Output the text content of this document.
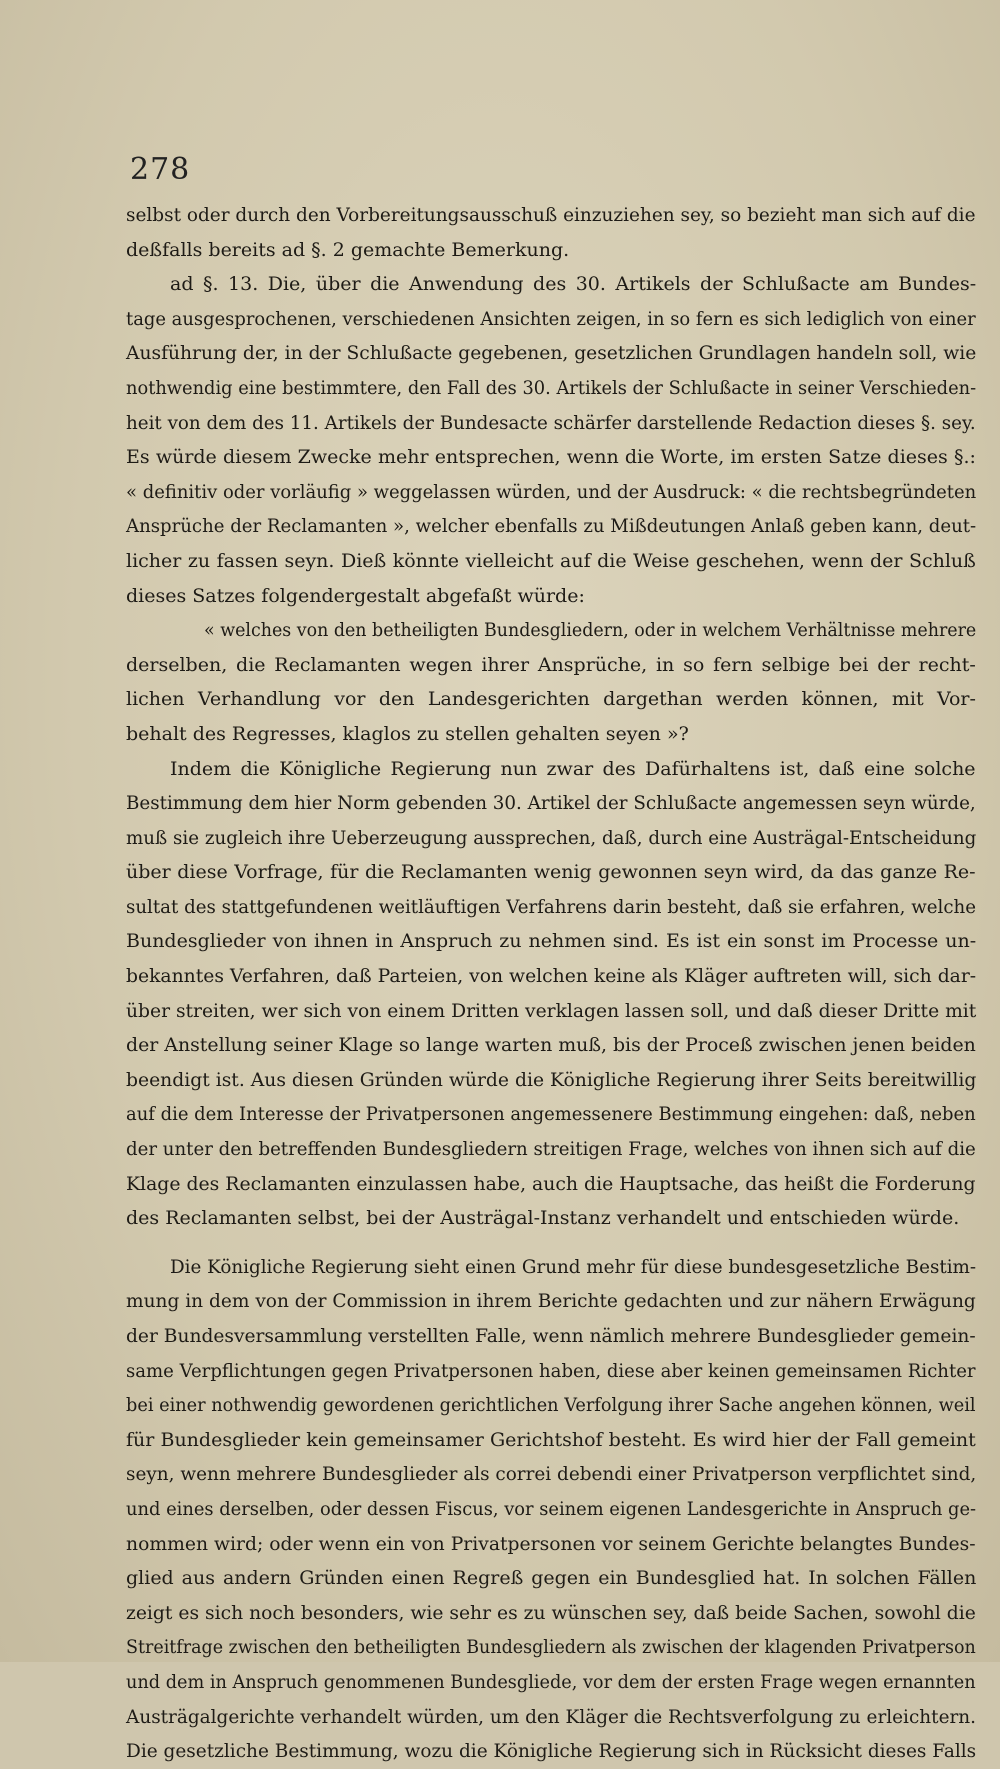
278
selbst oder durch den Vorbereitungsausschuß einzuziehen sey, so bezieht man sich auf die
deßfalls bereits ad §. 2 gemachte Bemerkung.
ad §. 13. Die, über die Anwendung des 30. Artikels der Schlußacte am Bundes-
tage ausgesprochenen, verschiedenen Ansichten zeigen, in so fern es sich lediglich von einer
Ausführung der, in der Schlußacte gegebenen, gesetzlichen Grundlagen handeln soll, wie
nothwendig eine bestimmtere, den Fall des 30. Artikels der Schlußacte in seiner Verschieden-
heit von dem des 11. Artikels der Bundesacte schärfer darstellende Redaction dieses §. sey.
Es würde diesem Zwecke mehr entsprechen, wenn die Worte, im ersten Satze dieses §.:
« definitiv oder vorläufig » weggelassen würden, und der Ausdruck: « die rechtsbegründeten
Ansprüche der Reclamanten », welcher ebenfalls zu Mißdeutungen Anlaß geben kann, deut-
licher zu fassen seyn. Dieß könnte vielleicht auf die Weise geschehen, wenn der Schluß
dieses Satzes folgendergestalt abgefaßt würde:
« welches von den betheiligten Bundesgliedern, oder in welchem Verhältnisse mehrere
derselben, die Reclamanten wegen ihrer Ansprüche, in so fern selbige bei der recht-
lichen Verhandlung vor den Landesgerichten dargethan werden können, mit Vor-
behalt des Regresses, klaglos zu stellen gehalten seyen »?
Indem die Königliche Regierung nun zwar des Dafürhaltens ist, daß eine solche
Bestimmung dem hier Norm gebenden 30. Artikel der Schlußacte angemessen seyn würde,
muß sie zugleich ihre Ueberzeugung aussprechen, daß, durch eine Austrägal-Entscheidung
über diese Vorfrage, für die Reclamanten wenig gewonnen seyn wird, da das ganze Re-
sultat des stattgefundenen weitläuftigen Verfahrens darin besteht, daß sie erfahren, welche
Bundesglieder von ihnen in Anspruch zu nehmen sind. Es ist ein sonst im Processe un-
bekanntes Verfahren, daß Parteien, von welchen keine als Kläger auftreten will, sich dar-
über streiten, wer sich von einem Dritten verklagen lassen soll, und daß dieser Dritte mit
der Anstellung seiner Klage so lange warten muß, bis der Proceß zwischen jenen beiden
beendigt ist. Aus diesen Gründen würde die Königliche Regierung ihrer Seits bereitwillig
auf die dem Interesse der Privatpersonen angemessenere Bestimmung eingehen: daß, neben
der unter den betreffenden Bundesgliedern streitigen Frage, welches von ihnen sich auf die
Klage des Reclamanten einzulassen habe, auch die Hauptsache, das heißt die Forderung
des Reclamanten selbst, bei der Austrägal-Instanz verhandelt und entschieden würde.
Die Königliche Regierung sieht einen Grund mehr für diese bundesgesetzliche Bestim-
mung in dem von der Commission in ihrem Berichte gedachten und zur nähern Erwägung
der Bundesversammlung verstellten Falle, wenn nämlich mehrere Bundesglieder gemein-
same Verpflichtungen gegen Privatpersonen haben, diese aber keinen gemeinsamen Richter
bei einer nothwendig gewordenen gerichtlichen Verfolgung ihrer Sache angehen können, weil
für Bundesglieder kein gemeinsamer Gerichtshof besteht. Es wird hier der Fall gemeint
seyn, wenn mehrere Bundesglieder als correi debendi einer Privatperson verpflichtet sind,
und eines derselben, oder dessen Fiscus, vor seinem eigenen Landesgerichte in Anspruch ge-
nommen wird; oder wenn ein von Privatpersonen vor seinem Gerichte belangtes Bundes-
glied aus andern Gründen einen Regreß gegen ein Bundesglied hat. In solchen Fällen
zeigt es sich noch besonders, wie sehr es zu wünschen sey, daß beide Sachen, sowohl die
Streitfrage zwischen den betheiligten Bundesgliedern als zwischen der klagenden Privatperson
und dem in Anspruch genommenen Bundesgliede, vor dem der ersten Frage wegen ernannten
Austrägalgerichte verhandelt würden, um den Kläger die Rechtsverfolgung zu erleichtern.
Die gesetzliche Bestimmung, wozu die Königliche Regierung sich in Rücksicht dieses Falls
